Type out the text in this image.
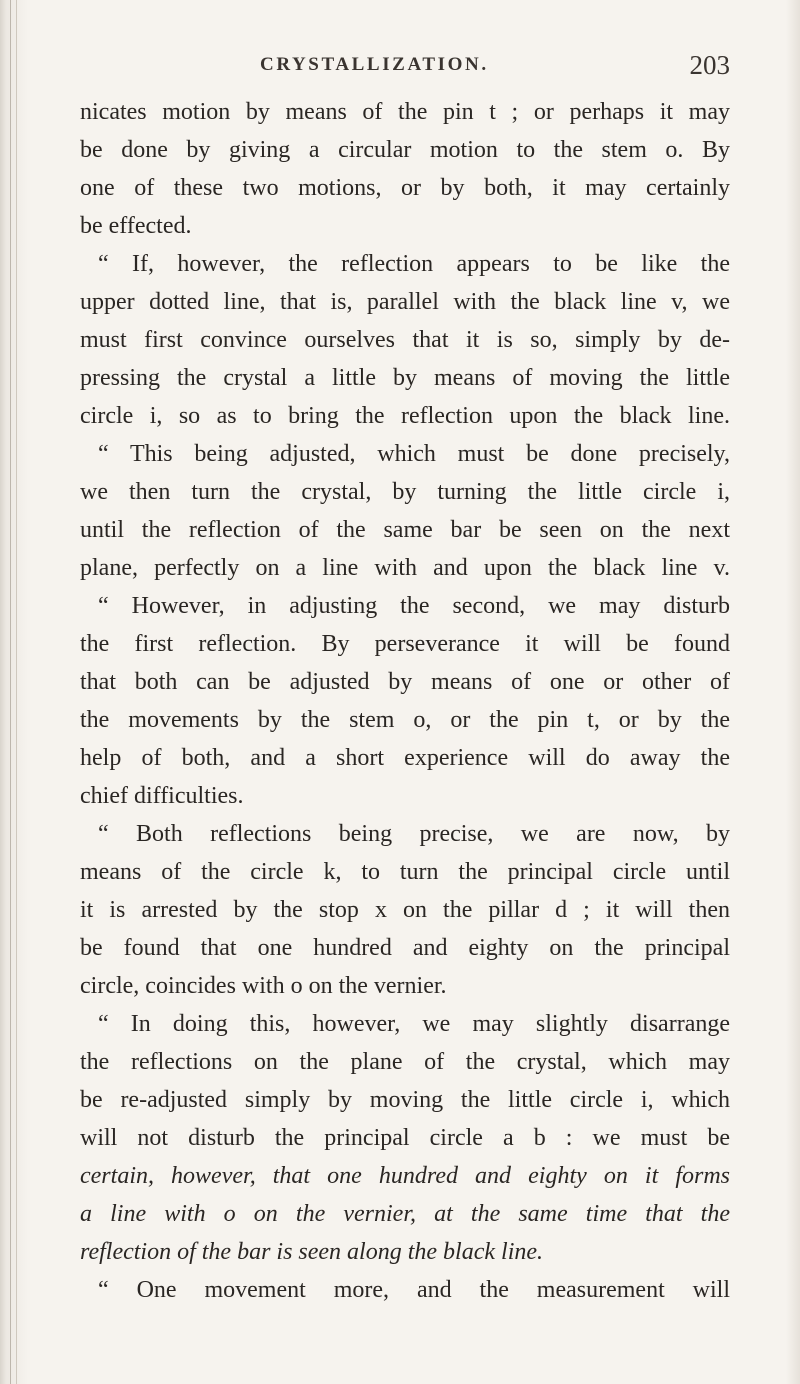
CRYSTALLIZATION.	203
nicates motion by means of the pin t ; or perhaps it may
be done by giving a circular motion to the stem o. By
one of these two motions, or by both, it may certainly
be effected.
“ If, however, the reflection appears to be like the
upper dotted line, that is, parallel with the black line v, we
must first convince ourselves that it is so, simply by de-
pressing the crystal a little by means of moving the little
circle i, so as to bring the reflection upon the black line.
“ This being adjusted, which must be done precisely,
we then turn the crystal, by turning the little circle i,
until the reflection of the same bar be seen on the next
plane, perfectly on a line with and upon the black line v.
“ However, in adjusting the second, we may disturb
the first reflection. By perseverance it will be found
that both can be adjusted by means of one or other of
the movements by the stem o, or the pin t, or by the
help of both, and a short experience will do away the
chief difficulties.
“ Both reflections being precise, we are now, by
means of the circle k, to turn the principal circle until
it is arrested by the stop x on the pillar d ; it will then
be found that one hundred and eighty on the principal
circle, coincides with o on the vernier.
“ In doing this, however, we may slightly disarrange
the reflections on the plane of the crystal, which may
be re-adjusted simply by moving the little circle i, which
will not disturb the principal circle a b : we must be
certain, however, that one hundred and eighty on it forms
a line with o on the vernier, at the same time that the
reflection of the bar is seen along the black line.
“ One movement more, and the measurement will
